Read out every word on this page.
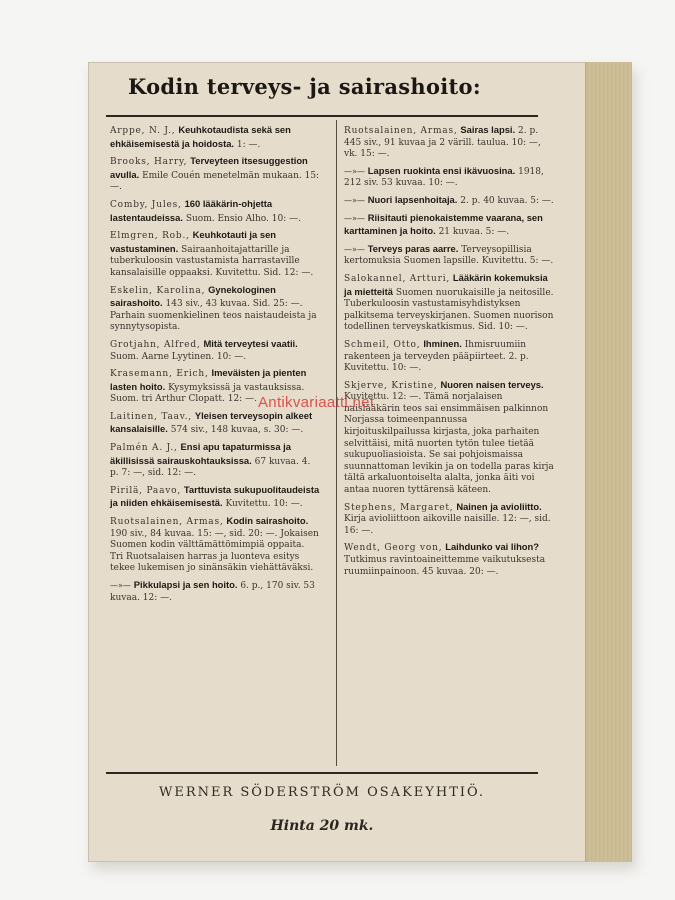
Kodin terveys- ja sairashoito:
Arppe, N. J., Keuhkotaudista sekä sen ehkäisemisestä ja hoidosta. 1: —.
Brooks, Harry, Terveyteen itsesuggestion avulla. Emile Couén menetelmän mukaan. 15: —.
Comby, Jules, 160 lääkärin-ohjetta lastentaudeissa. Suom. Ensio Alho. 10: —.
Elmgren, Rob., Keuhkotauti ja sen vastustaminen. Sairaanhoitajattarille ja tuberkuloosin vastustamista harrastaville kansalaisille oppaaksi. Kuvitettu. Sid. 12: —.
Eskelin, Karolina, Gynekologinen sairashoito. 143 siv., 43 kuvaa. Sid. 25: —. Parhain suomenkielinen teos naistaudeista ja synnytysopista.
Grotjahn, Alfred, Mitä terveytesi vaatii. Suom. Aarne Lyytinen. 10: —.
Krasemann, Erich, Imeväisten ja pienten lasten hoito. Kysymyksissä ja vastauksissa. Suom. tri Arthur Clopatt. 12: —.
Laitinen, Taav., Yleisen terveysopin alkeet kansalaisille. 574 siv., 148 kuvaa, s. 30: —.
Palmén A. J., Ensi apu tapaturmissa ja äkillisissä sairauskohtauksissa. 67 kuvaa. 4. p. 7: —, sid. 12: —.
Pirilä, Paavo, Tarttuvista sukupuolitaudeista ja niiden ehkäisemisestä. Kuvitettu. 10: —.
Ruotsalainen, Armas, Kodin sairashoito. 190 siv., 84 kuvaa. 15: —, sid. 20: —. Jokaisen Suomen kodin välttämättömimpiä oppaita. Tri Ruotsalaisen harras ja luonteva esitys tekee lukemisen jo sinänsäkin viehättäväksi.
—»— Pikkulapsi ja sen hoito. 6. p., 170 siv. 53 kuvaa. 12: —.
Ruotsalainen, Armas, Sairas lapsi. 2. p. 445 siv., 91 kuvaa ja 2 värill. taulua. 10: —, vk. 15: —.
—»— Lapsen ruokinta ensi ikävuosina. 1918, 212 siv. 53 kuvaa. 10: —.
—»— Nuori lapsenhoitaja. 2. p. 40 kuvaa. 5: —.
—»— Riisitauti pienokaistemme vaarana, sen karttaminen ja hoito. 21 kuvaa. 5: —.
—»— Terveys paras aarre. Terveysopillisia kertomuksia Suomen lapsille. Kuvitettu. 5: —.
Salokannel, Artturi, Lääkärin kokemuksia ja mietteitä Suomen nuorukaisille ja neitosille. Tuberkuloosin vastustamisyhdistyksen palkitsema terveyskirjanen. Suomen nuorison todellinen terveyskatkismus. Sid. 10: —.
Schmeil, Otto, Ihminen. Ihmisruumiin rakenteen ja terveyden pääpiirteet. 2. p. Kuvitettu. 10: —.
Skjerve, Kristine, Nuoren naisen terveys. Kuvitettu. 12: —. Tämä norjalaisen naislääkärin teos sai ensimmäisen palkinnon Norjassa toimeenpannussa kirjoituskilpailussa kirjasta, joka parhaiten selvittäisi, mitä nuorten tytön tulee tietää sukupuoliasioista. Se sai pohjoismaissa suunnattoman levikin ja on todella paras kirja tältä arkaluontoiselta alalta, jonka äiti voi antaa nuoren tyttärensä käteen.
Stephens, Margaret, Nainen ja avioliitto. Kirja avioliittoon aikoville naisille. 12: —, sid. 16: —.
Wendt, Georg von, Laihdunko vai lihon? Tutkimus ravintoaineittemme vaikutuksesta ruumiinpainoon. 45 kuvaa. 20: —.
WERNER SÖDERSTRÖM OSAKEYHTIÖ.
Hinta 20 mk.
Antikvariaatti.net
